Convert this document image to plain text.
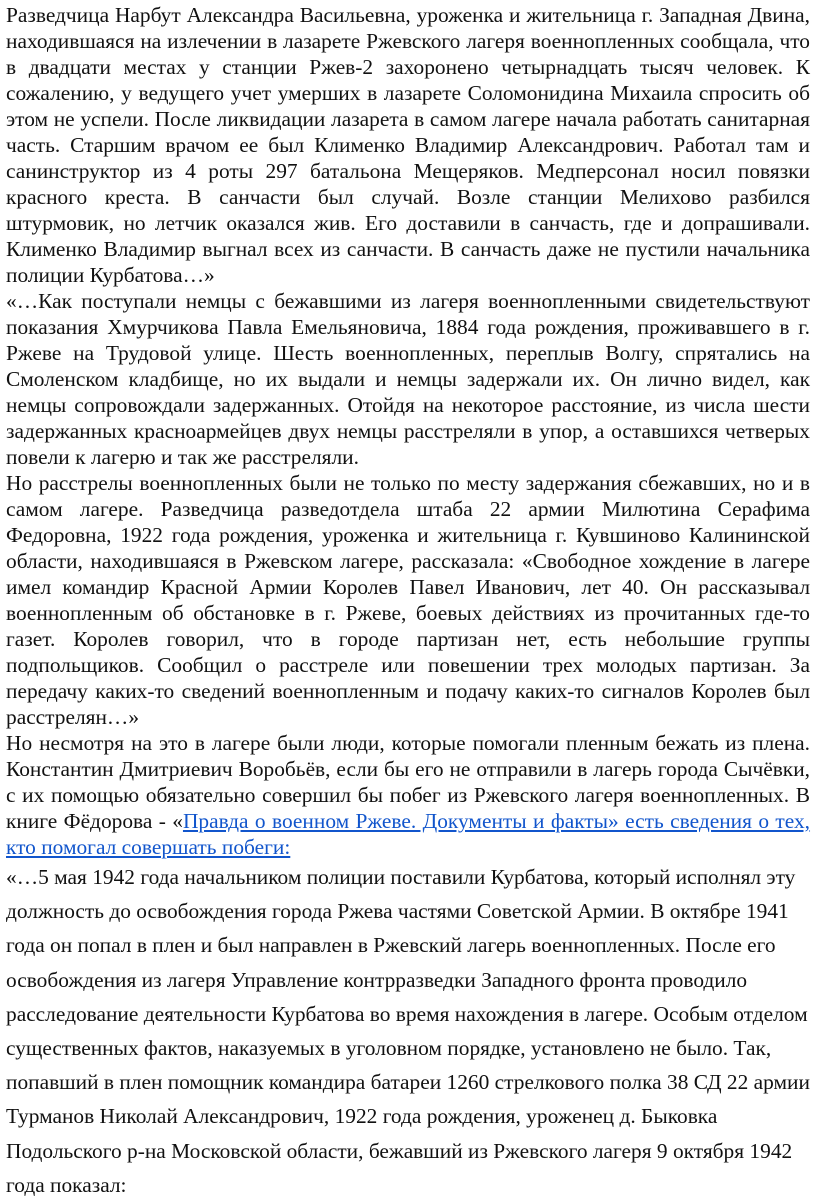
Разведчица Нарбут Александра Васильевна, уроженка и жительница г. Западная Двина, находившаяся на излечении в лазарете Ржевского лагеря военнопленных сообщала, что в двадцати местах у станции Ржев-2 захоронено четырнадцать тысяч человек. К сожалению, у ведущего учет умерших в лазарете Соломонидина Михаила спросить об этом не успели. После ликвидации лазарета в самом лагере начала работать санитарная часть. Старшим врачом ее был Клименко Владимир Александрович. Работал там и санинструктор из 4 роты 297 батальона Мещеряков. Медперсонал носил повязки красного креста. В санчасти был случай. Возле станции Мелихово разбился штурмовик, но летчик оказался жив. Его доставили в санчасть, где и допрашивали. Клименко Владимир выгнал всех из санчасти. В санчасть даже не пустили начальника полиции Курбатова…»

«…Как поступали немцы с бежавшими из лагеря военнопленными свидетельствуют показания Хмурчикова Павла Емельяновича, 1884 года рождения, проживавшего в г. Ржеве на Трудовой улице. Шесть военнопленных, переплыв Волгу, спрятались на Смоленском кладбище, но их выдали и немцы задержали их. Он лично видел, как немцы сопровождали задержанных. Отойдя на некоторое расстояние, из числа шести задержанных красноармейцев двух немцы расстреляли в упор, а оставшихся четверых повели к лагерю и так же расстреляли.

Но расстрелы военнопленных были не только по месту задержания сбежавших, но и в самом лагере. Разведчица разведотдела штаба 22 армии Милютина Серафима Федоровна, 1922 года рождения, уроженка и жительница г. Кувшиново Калининской области, находившаяся в Ржевском лагере, рассказала: «Свободное хождение в лагере имел командир Красной Армии Королев Павел Иванович, лет 40. Он рассказывал военнопленным об обстановке в г. Ржеве, боевых действиях из прочитанных где-то газет. Королев говорил, что в городе партизан нет, есть небольшие группы подпольщиков. Сообщил о расстреле или повешении трех молодых партизан. За передачу каких-то сведений военнопленным и подачу каких-то сигналов Королев был расстрелян…»

Но несмотря на это в лагере были люди, которые помогали пленным бежать из плена. Константин Дмитриевич Воробьёв, если бы его не отправили в лагерь города Сычёвки, с их помощью обязательно совершил бы побег из Ржевского лагеря военнопленных. В книге Фёдорова - «Правда о военном Ржеве. Документы и факты» есть сведения о тех, кто помогал совершать побеги:

«…5 мая 1942 года начальником полиции поставили Курбатова, который исполнял эту должность до освобождения города Ржева частями Советской Армии. В октябре 1941 года он попал в плен и был направлен в Ржевский лагерь военнопленных. После его освобождения из лагеря Управление контрразведки Западного фронта проводило расследование деятельности Курбатова во время нахождения в лагере. Особым отделом существенных фактов, наказуемых в уголовном порядке, установлено не было. Так, попавший в плен помощник командира батареи 1260 стрелкового полка 38 СД 22 армии Турманов Николай Александрович, 1922 года рождения, уроженец д. Быковка Подольского р-на Московской области, бежавший из Ржевского лагеря 9 октября 1942 года показал:
